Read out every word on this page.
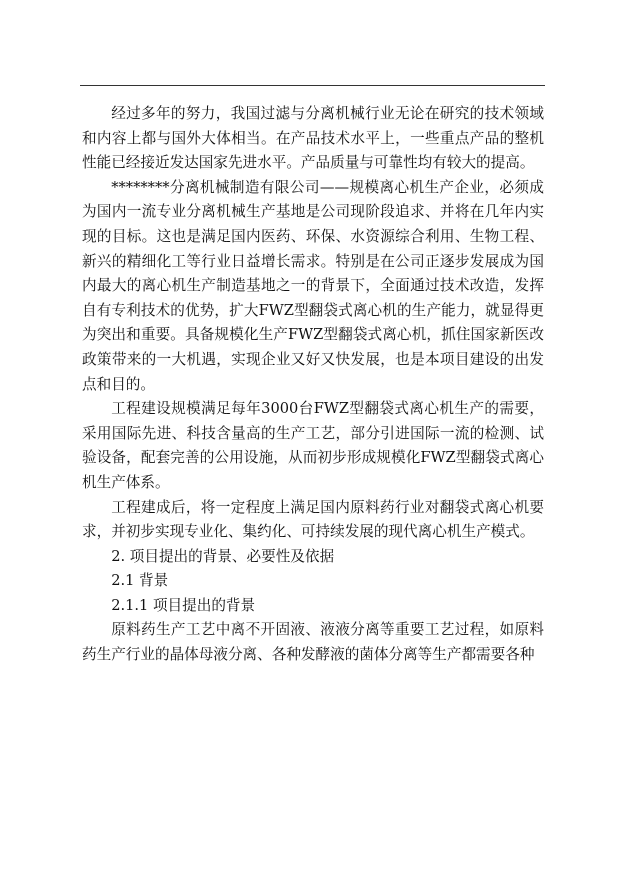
经过多年的努力，我国过滤与分离机械行业无论在研究的技术领域和内容上都与国外大体相当。在产品技术水平上，一些重点产品的整机性能已经接近发达国家先进水平。产品质量与可靠性均有较大的提高。

********分离机械制造有限公司——规模离心机生产企业，必须成为国内一流专业分离机械生产基地是公司现阶段追求、并将在几年内实现的目标。这也是满足国内医药、环保、水资源综合利用、生物工程、新兴的精细化工等行业日益增长需求。特别是在公司正逐步发展成为国内最大的离心机生产制造基地之一的背景下，全面通过技术改造，发挥自有专利技术的优势，扩大FWZ型翻袋式离心机的生产能力，就显得更为突出和重要。具备规模化生产FWZ型翻袋式离心机，抓住国家新医改政策带来的一大机遇，实现企业又好又快发展，也是本项目建设的出发点和目的。

工程建设规模满足每年3000台FWZ型翻袋式离心机生产的需要，采用国际先进、科技含量高的生产工艺，部分引进国际一流的检测、试验设备，配套完善的公用设施，从而初步形成规模化FWZ型翻袋式离心机生产体系。

工程建成后，将一定程度上满足国内原料药行业对翻袋式离心机要求，并初步实现专业化、集约化、可持续发展的现代离心机生产模式。

2. 项目提出的背景、必要性及依据

2.1 背景

2.1.1 项目提出的背景

原料药生产工艺中离不开固液、液液分离等重要工艺过程，如原料药生产行业的晶体母液分离、各种发酵液的菌体分离等生产都需要各种
